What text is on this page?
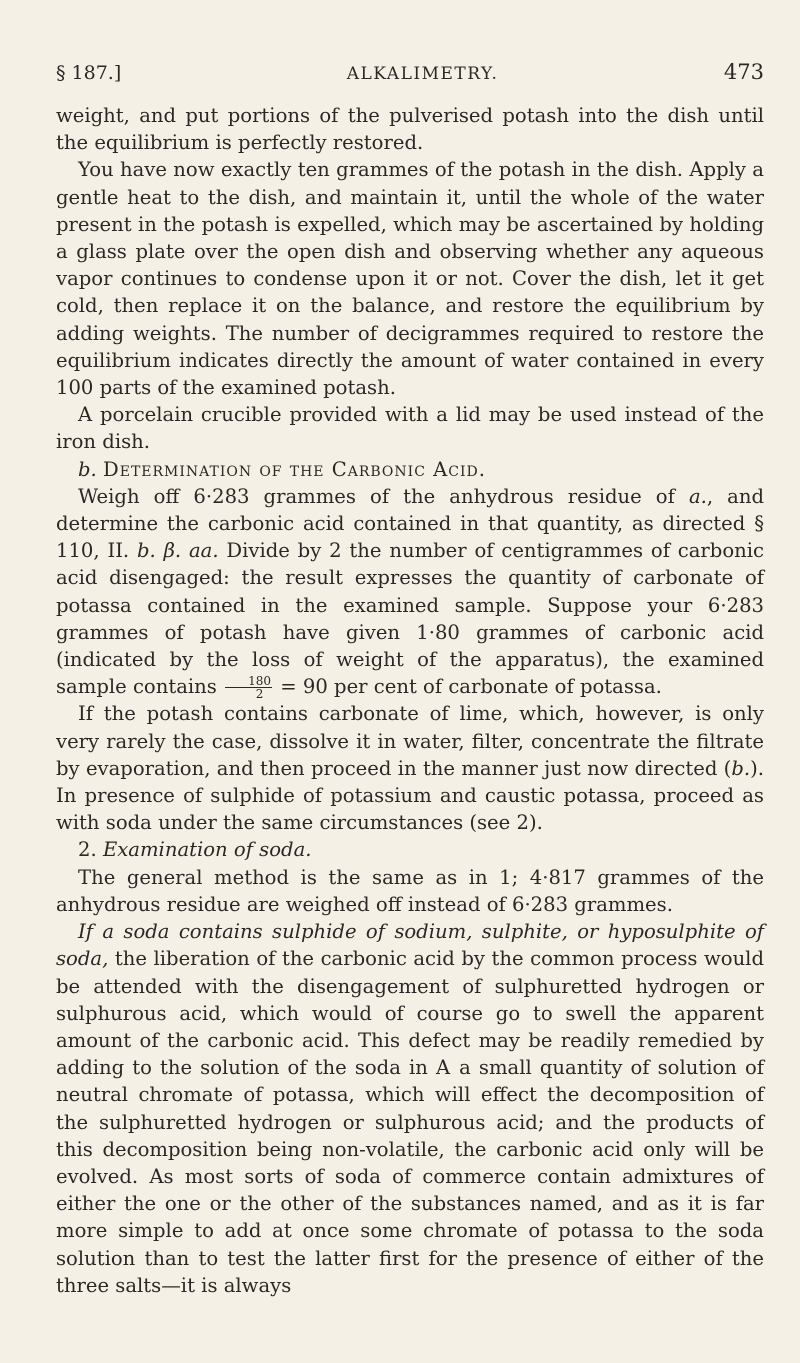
§ 187.]	ALKALIMETRY.	473

weight, and put portions of the pulverised potash into the dish until the equilibrium is perfectly restored.

You have now exactly ten grammes of the potash in the dish. Apply a gentle heat to the dish, and maintain it, until the whole of the water present in the potash is expelled, which may be ascertained by holding a glass plate over the open dish and observing whether any aqueous vapor continues to condense upon it or not. Cover the dish, let it get cold, then replace it on the balance, and restore the equilibrium by adding weights. The number of decigrammes required to restore the equilibrium indicates directly the amount of water contained in every 100 parts of the examined potash.

A porcelain crucible provided with a lid may be used instead of the iron dish.

b. Determination of the Carbonic Acid.

Weigh off 6·283 grammes of the anhydrous residue of a., and determine the carbonic acid contained in that quantity, as directed § 110, II. b. β. aa. Divide by 2 the number of centigrammes of carbonic acid disengaged: the result expresses the quantity of carbonate of potassa contained in the examined sample. Suppose your 6·283 grammes of potash have given 1·80 grammes of carbonic acid (indicated by the loss of weight of the apparatus), the examined sample contains $\frac{180}{2} = 90$ per cent of carbonate of potassa.

If the potash contains carbonate of lime, which, however, is only very rarely the case, dissolve it in water, filter, concentrate the filtrate by evaporation, and then proceed in the manner just now directed (b.). In presence of sulphide of potassium and caustic potassa, proceed as with soda under the same circumstances (see 2).

2. Examination of soda.

The general method is the same as in 1; 4·817 grammes of the anhydrous residue are weighed off instead of 6·283 grammes.

If a soda contains sulphide of sodium, sulphite, or hyposulphite of soda, the liberation of the carbonic acid by the common process would be attended with the disengagement of sulphuretted hydrogen or sulphurous acid, which would of course go to swell the apparent amount of the carbonic acid. This defect may be readily remedied by adding to the solution of the soda in A a small quantity of solution of neutral chromate of potassa, which will effect the decomposition of the sulphuretted hydrogen or sulphurous acid; and the products of this decomposition being non-volatile, the carbonic acid only will be evolved. As most sorts of soda of commerce contain admixtures of either the one or the other of the substances named, and as it is far more simple to add at once some chromate of potassa to the soda solution than to test the latter first for the presence of either of the three salts—it is always
